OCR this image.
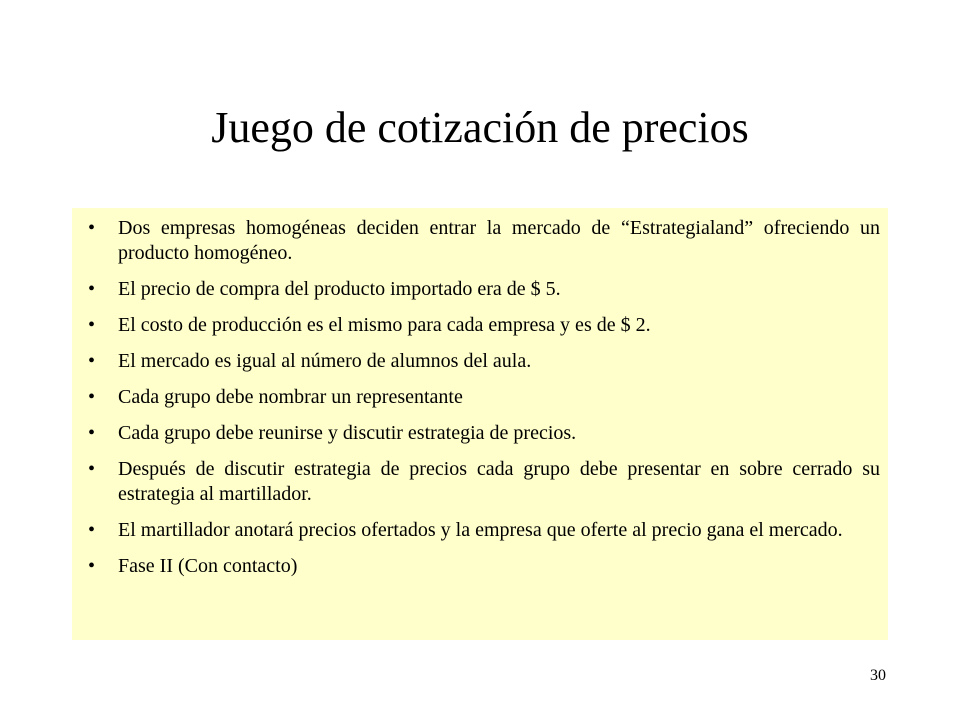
Juego de cotización de precios
• Dos empresas homogéneas deciden entrar la mercado de “Estrategialand” ofreciendo un producto homogéneo.
• El precio de compra del producto importado era de $ 5.
• El costo de producción es el mismo para cada empresa y es de $ 2.
• El mercado es igual al número de alumnos del aula.
• Cada grupo debe nombrar un representante
• Cada grupo debe reunirse y discutir estrategia de precios.
• Después de discutir estrategia de precios cada grupo debe presentar en sobre cerrado su estrategia al martillador.
• El martillador anotará precios ofertados y la empresa que oferte al precio gana el mercado.
• Fase II (Con contacto)
30
